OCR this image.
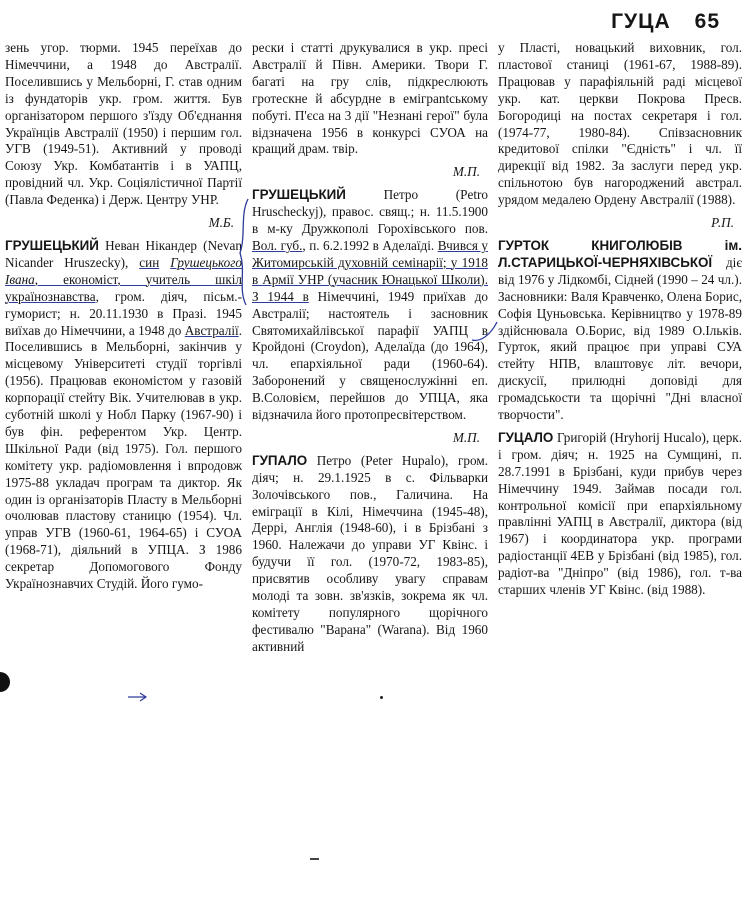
ГУЦА 65

зень угор. тюрми. 1945 переїхав до Німеччини, а 1948 до Австралії. Поселившись у Мельборні, Г. став одним із фундаторів укр. гром. життя. Був організатором першого з'їзду Об'єднання Українців Австралії (1950) і першим гол. УГВ (1949-51). Активний у проводі Союзу Укр. Комбатантів і в УАПЦ, провідний чл. Укр. Соціялістичної Партії (Павла Феденка) і Держ. Центру УНР.

М.Б.

ГРУШЕЦЬКИЙ Неван Нікандер (Nevan Nicander Hruszecky), син Грушецького Івана, економіст, учитель шкіл українознавства, гром. діяч, пісьм.-гуморист; н. 20.11.1930 в Празі. 1945 виїхав до Німеччини, а 1948 до Австралії. Поселившись в Мельборні, закінчив у місцевому Університеті студії торгівлі (1956). Працював економістом у газовій корпорації стейту Вік. Учителював в укр. суботній школі у Нобл Парку (1967-90) і був фін. референтом Укр. Центр. Шкільної Ради (від 1975). Гол. першого комітету укр. радіомовлення і впродовж 1975-88 укладач програм та диктор. Як один із організаторів Пласту в Мельборні очолював пластову станицю (1954). Чл. управ УГВ (1960-61, 1964-65) і СУОА (1968-71), діяльний в УПЦА. З 1986 секретар Допомогового Фонду Українознавчих Студій. Його гумо-

рески і статті друкувалися в укр. пресі Австралії й Півн. Америки. Твори Г. багаті на гру слів, підкреслюють гротескне й абсурдне в еміграntському побуті. П'єса на 3 дії "Незнані герої" була відзначена 1956 в конкурсі СУОА на кращий драм. твір.

М.П.

ГРУШЕЦЬКИЙ Петро (Petro Hruscheckyj), правос. свящ.; н. 11.5.1900 в м-ку Дружкополі Горохівського пов. Вол. губ., п. 6.2.1992 в Аделаїді. Вчився у Житомирській духовній семінарії; у 1918 в Армії УНР (учасник Юнацької Школи). З 1944 в Німеччині, 1949 приїхав до Австралії; настоятель і засновник Святомихайлівської парафії УАПЦ в Кройдоні (Croydon), Аделаїда (до 1964), чл. епархіяльної ради (1960-64). Заборонений у священослужінні еп. В.Соловієм, перейшов до УПЦА, яка відзначила його протопресвітерством.

М.П.

ГУПАЛО Петро (Peter Hupalo), гром. діяч; н. 29.1.1925 в с. Фільварки Золочівського пов., Галичина. На еміграції в Кілі, Німеччина (1945-48), Деррі, Англія (1948-60), і в Брізбані з 1960. Належачи до управи УГ Квінс. і будучи її гол. (1970-72, 1983-85), присвятив особливу увагу справам молоді та зовн. зв'язків, зокрема як чл. комітету популярного щорічного фестивалю "Варана" (Warana). Від 1960 активний

у Пласті, новацький виховник, гол. пластової станиці (1961-67, 1988-89). Працював у парафіяльній раді місцевої укр. кат. церкви Покрова Пресв. Богородиці на постах секретаря і гол. (1974-77, 1980-84). Співзасновник кредитової спілки "Єдність" і чл. її дирекції від 1982. За заслуги перед укр. спільнотою був нагороджений австрал. урядом медалею Ордену Австралії (1988).

Р.П.

ГУРТОК КНИГОЛЮБІВ ім. Л.СТАРИЦЬКОЇ-ЧЕРНЯХІВСЬКОЇ діє від 1976 у Лідкомбі, Сідней (1990 – 24 чл.). Засновники: Валя Кравченко, Олена Борис, Софія Цуньовська. Керівництво у 1978-89 здійснювала О.Борис, від 1989 О.Ільків. Гурток, який працює при управі СУА стейту НПВ, влаштовує літ. вечори, дискусії, прилюдні доповіді для громадськости та щорічні "Дні власної творчости".

ГУЦАЛО Григорій (Hryhorij Hucalo), церк. і гром. діяч; н. 1925 на Сумщині, п. 28.7.1991 в Брізбані, куди прибув через Німеччину 1949. Займав посади гол. контрольної комісії при епархіяльному правлінні УАПЦ в Австралії, диктора (від 1967) і координатора укр. програми радіостанції 4ЕВ у Брізбані (від 1985), гол. радіот-ва "Дніпро" (від 1986), гол. т-ва старших членів УГ Квінс. (від 1988).
